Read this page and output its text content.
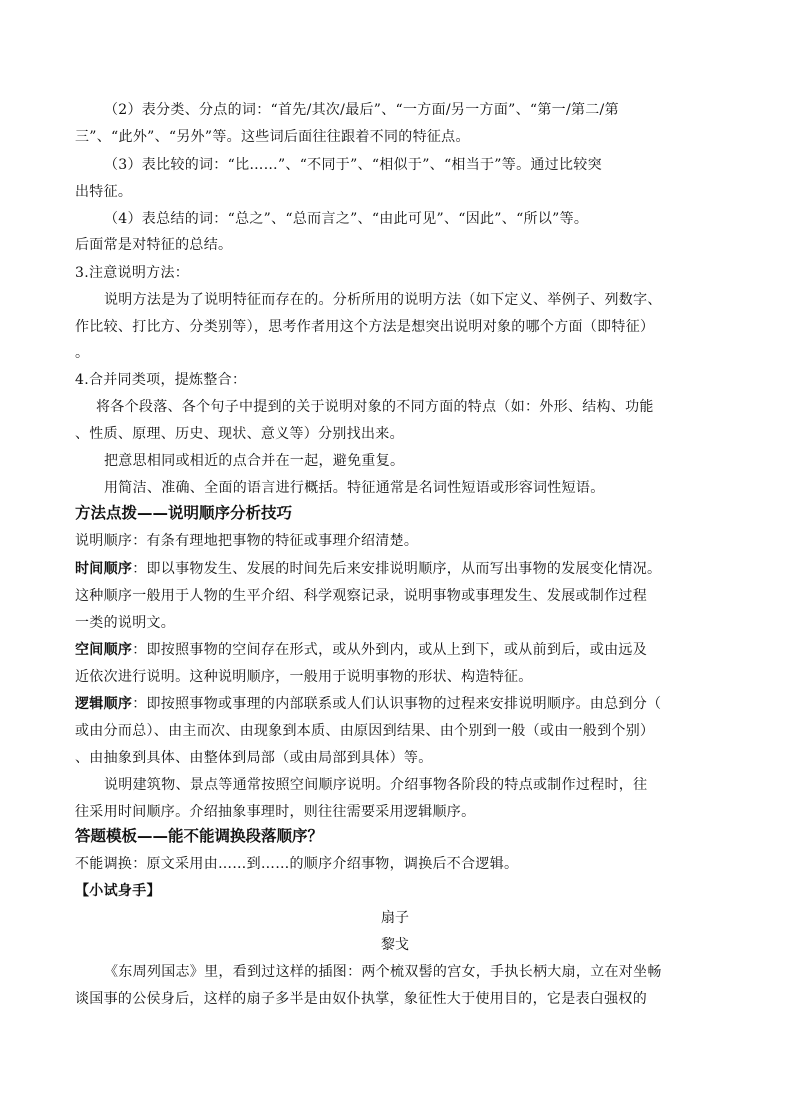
（2）表分类、分点的词：“首先/其次/最后”、“一方面/另一方面”、“第一/第二/第
三”、“此外”、“另外”等。这些词后面往往跟着不同的特征点。
（3）表比较的词：“比……”、“不同于”、“相似于”、“相当于”等。通过比较突
出特征。
（4）表总结的词：“总之”、“总而言之”、“由此可见”、“因此”、“所以”等。
后面常是对特征的总结。
3.注意说明方法：
说明方法是为了说明特征而存在的。分析所用的说明方法（如下定义、举例子、列数字、
作比较、打比方、分类别等），思考作者用这个方法是想突出说明对象的哪个方面（即特征）
。
4.合并同类项，提炼整合：
将各个段落、各个句子中提到的关于说明对象的不同方面的特点（如：外形、结构、功能
、性质、原理、历史、现状、意义等）分别找出来。
把意思相同或相近的点合并在一起，避免重复。
用简洁、准确、全面的语言进行概括。特征通常是名词性短语或形容词性短语。
方法点拨——说明顺序分析技巧
说明顺序：有条有理地把事物的特征或事理介绍清楚。
时间顺序：即以事物发生、发展的时间先后来安排说明顺序，从而写出事物的发展变化情况。
这种顺序一般用于人物的生平介绍、科学观察记录，说明事物或事理发生、发展或制作过程
一类的说明文。
空间顺序：即按照事物的空间存在形式，或从外到内，或从上到下，或从前到后，或由远及
近依次进行说明。这种说明顺序，一般用于说明事物的形状、构造特征。
逻辑顺序：即按照事物或事理的内部联系或人们认识事物的过程来安排说明顺序。由总到分（
或由分而总）、由主而次、由现象到本质、由原因到结果、由个别到一般（或由一般到个别）
、由抽象到具体、由整体到局部（或由局部到具体）等。
说明建筑物、景点等通常按照空间顺序说明。介绍事物各阶段的特点或制作过程时，往
往采用时间顺序。介绍抽象事理时，则往往需要采用逻辑顺序。
答题模板——能不能调换段落顺序？
不能调换：原文采用由……到……的顺序介绍事物，调换后不合逻辑。
【小试身手】
扇子
黎戈
《东周列国志》里，看到过这样的插图：两个梳双髻的宫女，手执长柄大扇，立在对坐畅
谈国事的公侯身后，这样的扇子多半是由奴仆执掌，象征性大于使用目的，它是表白强权的
